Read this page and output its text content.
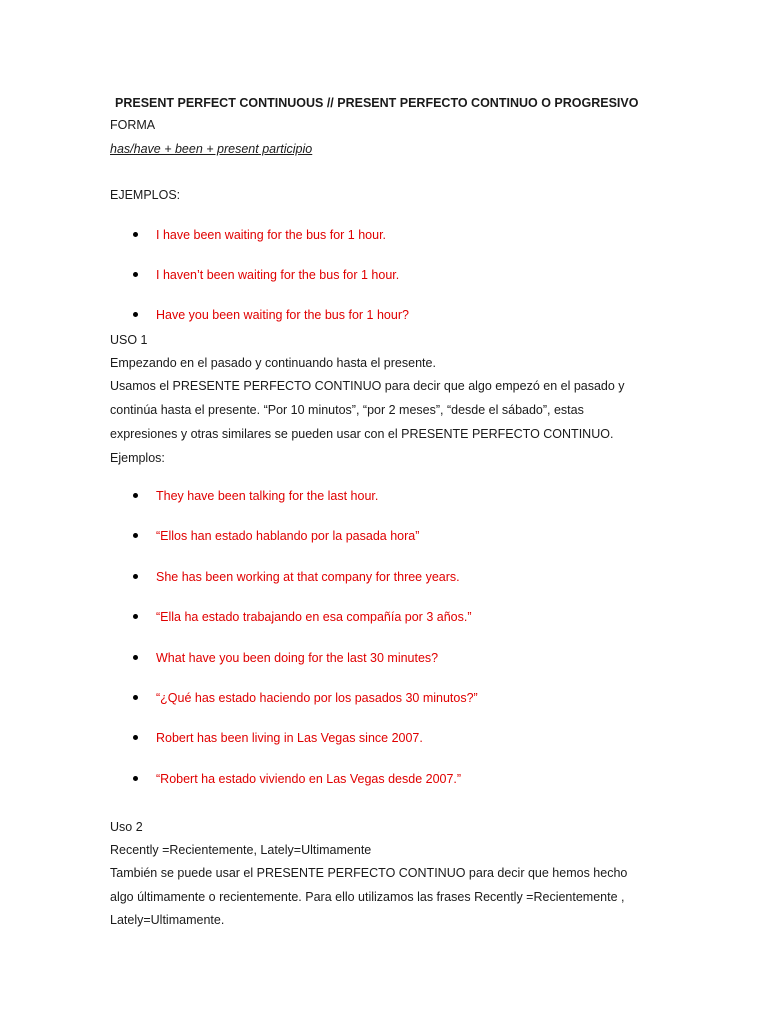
PRESENT PERFECT CONTINUOUS // PRESENT PERFECTO CONTINUO O PROGRESIVO
FORMA
has/have + been + present participio
EJEMPLOS:
I have been waiting for the bus for 1 hour.
I haven’t been waiting for the bus for 1 hour.
Have you been waiting for the bus for 1 hour?
USO 1
Empezando en el pasado y continuando hasta el presente.
Usamos el PRESENTE PERFECTO CONTINUO para decir que algo empezó en el pasado y
continúa hasta el presente. “Por 10 minutos”, “por 2 meses”, “desde el sábado”, estas
expresiones y otras similares se pueden usar con el PRESENTE PERFECTO CONTINUO.
Ejemplos:
They have been talking for the last hour.
“Ellos han estado hablando por la pasada hora”
She has been working at that company for three years.
“Ella ha estado trabajando en esa compañía por 3 años.”
What have you been doing for the last 30 minutes?
“¿Qué has estado haciendo por los pasados 30 minutos?”
Robert has been living in Las Vegas since 2007.
“Robert ha estado viviendo en Las Vegas desde 2007.”
Uso 2
Recently =Recientemente, Lately=Ultimamente
También se puede usar el PRESENTE PERFECTO CONTINUO para decir que hemos hecho
algo últimamente o recientemente. Para ello utilizamos las frases Recently =Recientemente ,
Lately=Ultimamente.
